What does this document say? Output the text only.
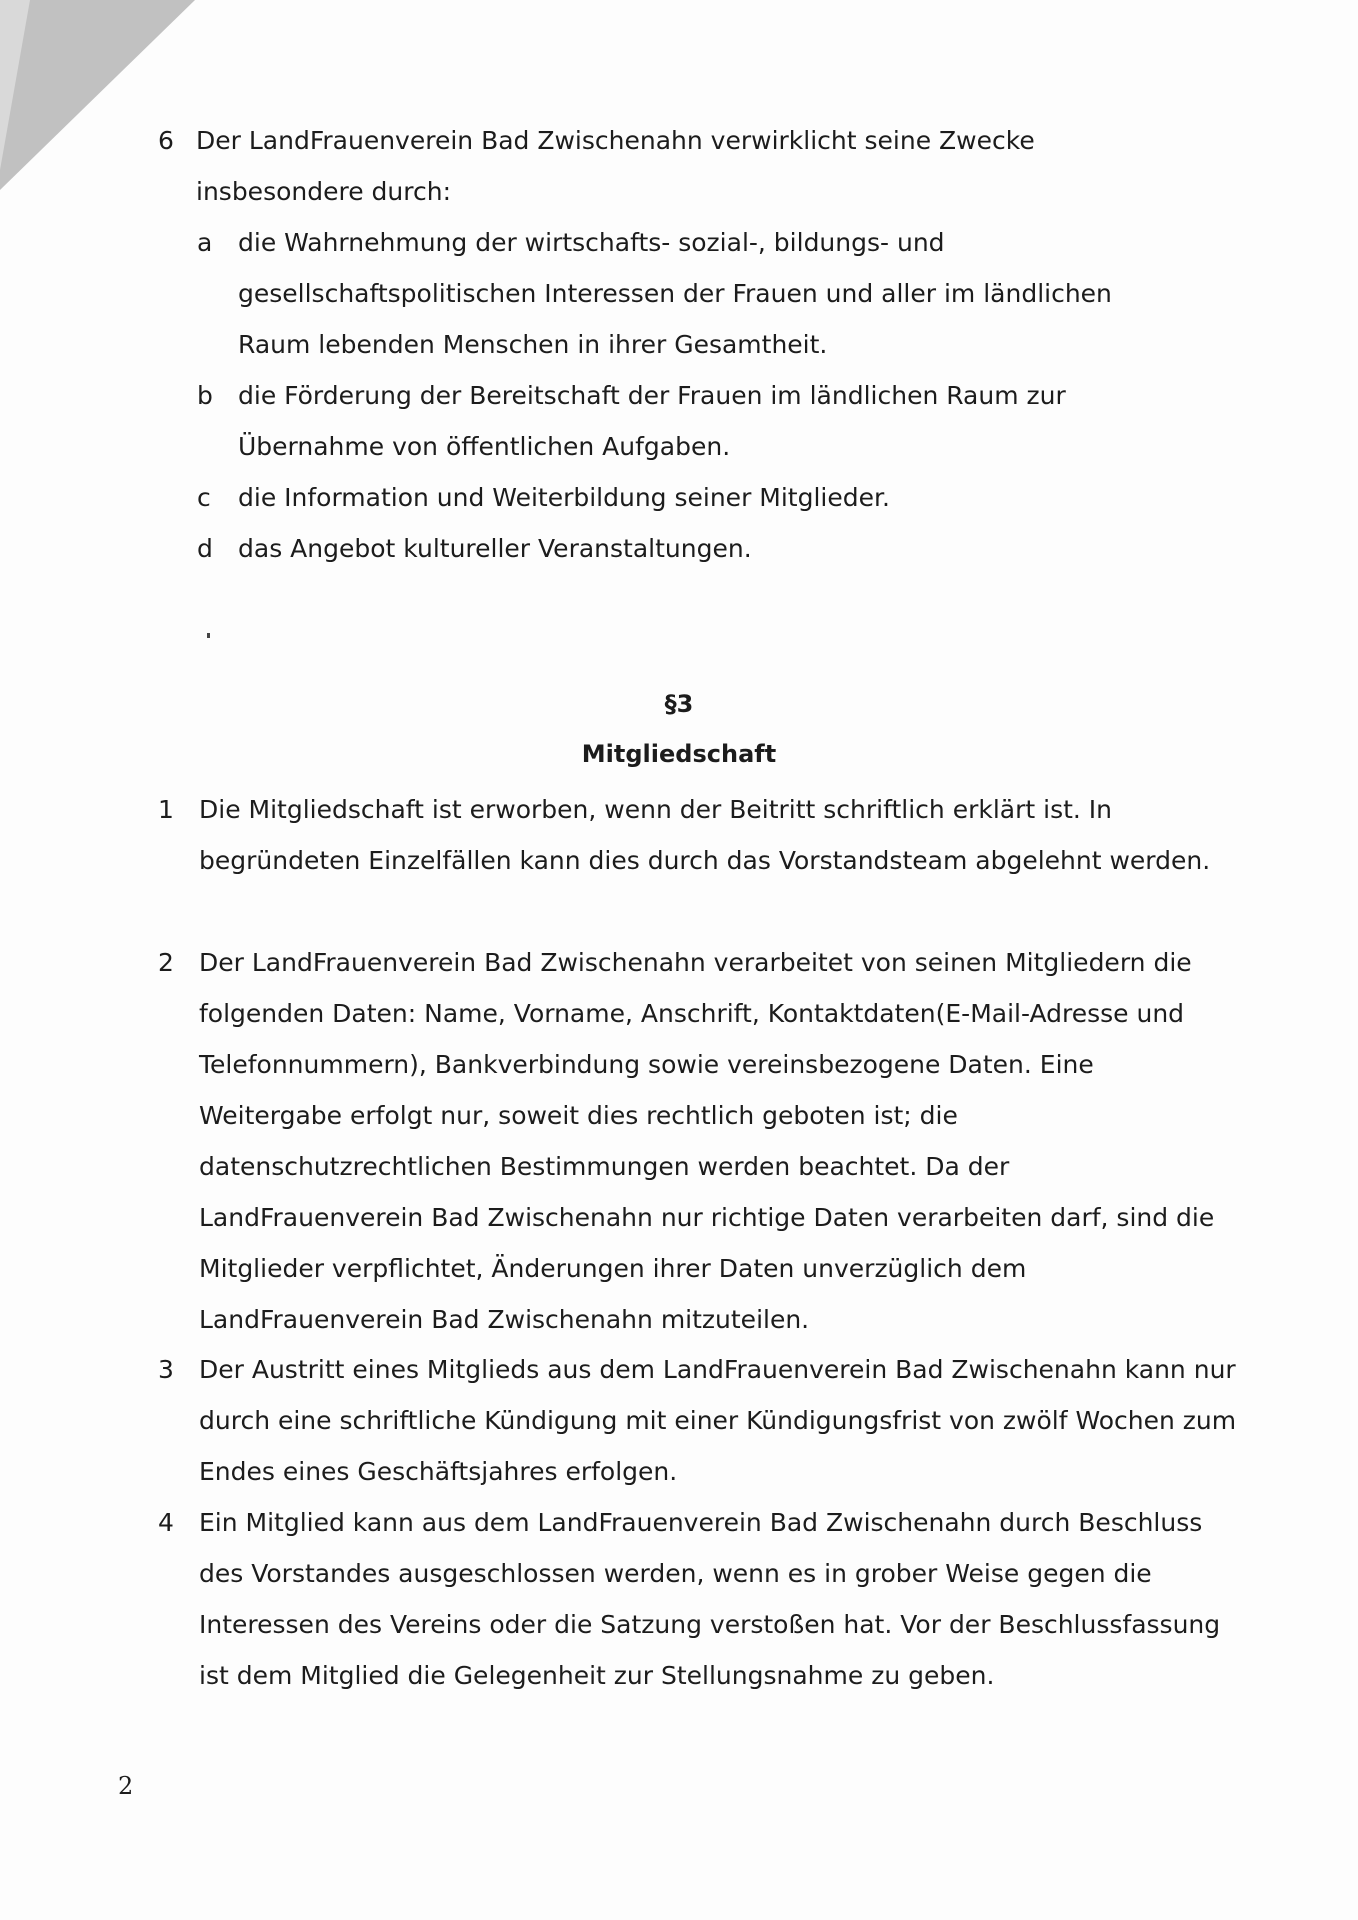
6 Der LandFrauenverein Bad Zwischenahn verwirklicht seine Zwecke insbesondere durch:
a die Wahrnehmung der wirtschafts- sozial-, bildungs- und gesellschaftspolitischen Interessen der Frauen und aller im ländlichen Raum lebenden Menschen in ihrer Gesamtheit.
b die Förderung der Bereitschaft der Frauen im ländlichen Raum zur Übernahme von öffentlichen Aufgaben.
c die Information und Weiterbildung seiner Mitglieder.
d das Angebot kultureller Veranstaltungen.
§3
Mitgliedschaft
1 Die Mitgliedschaft ist erworben, wenn der Beitritt schriftlich erklärt ist. In begründeten Einzelfällen kann dies durch das Vorstandsteam abgelehnt werden.
2 Der LandFrauenverein Bad Zwischenahn verarbeitet von seinen Mitgliedern die folgenden Daten: Name, Vorname, Anschrift, Kontaktdaten(E-Mail-Adresse und Telefonnummern), Bankverbindung sowie vereinsbezogene Daten. Eine Weitergabe erfolgt nur, soweit dies rechtlich geboten ist; die datenschutzrechtlichen Bestimmungen werden beachtet. Da der LandFrauenverein Bad Zwischenahn nur richtige Daten verarbeiten darf, sind die Mitglieder verpflichtet, Änderungen ihrer Daten unverzüglich dem LandFrauenverein Bad Zwischenahn mitzuteilen.
3 Der Austritt eines Mitglieds aus dem LandFrauenverein Bad Zwischenahn kann nur durch eine schriftliche Kündigung mit einer Kündigungsfrist von zwölf Wochen zum Endes eines Geschäftsjahres erfolgen.
4 Ein Mitglied kann aus dem LandFrauenverein Bad Zwischenahn durch Beschluss des Vorstandes ausgeschlossen werden, wenn es in grober Weise gegen die Interessen des Vereins oder die Satzung verstoßen hat. Vor der Beschlussfassung ist dem Mitglied die Gelegenheit zur Stellungsnahme zu geben.
2
